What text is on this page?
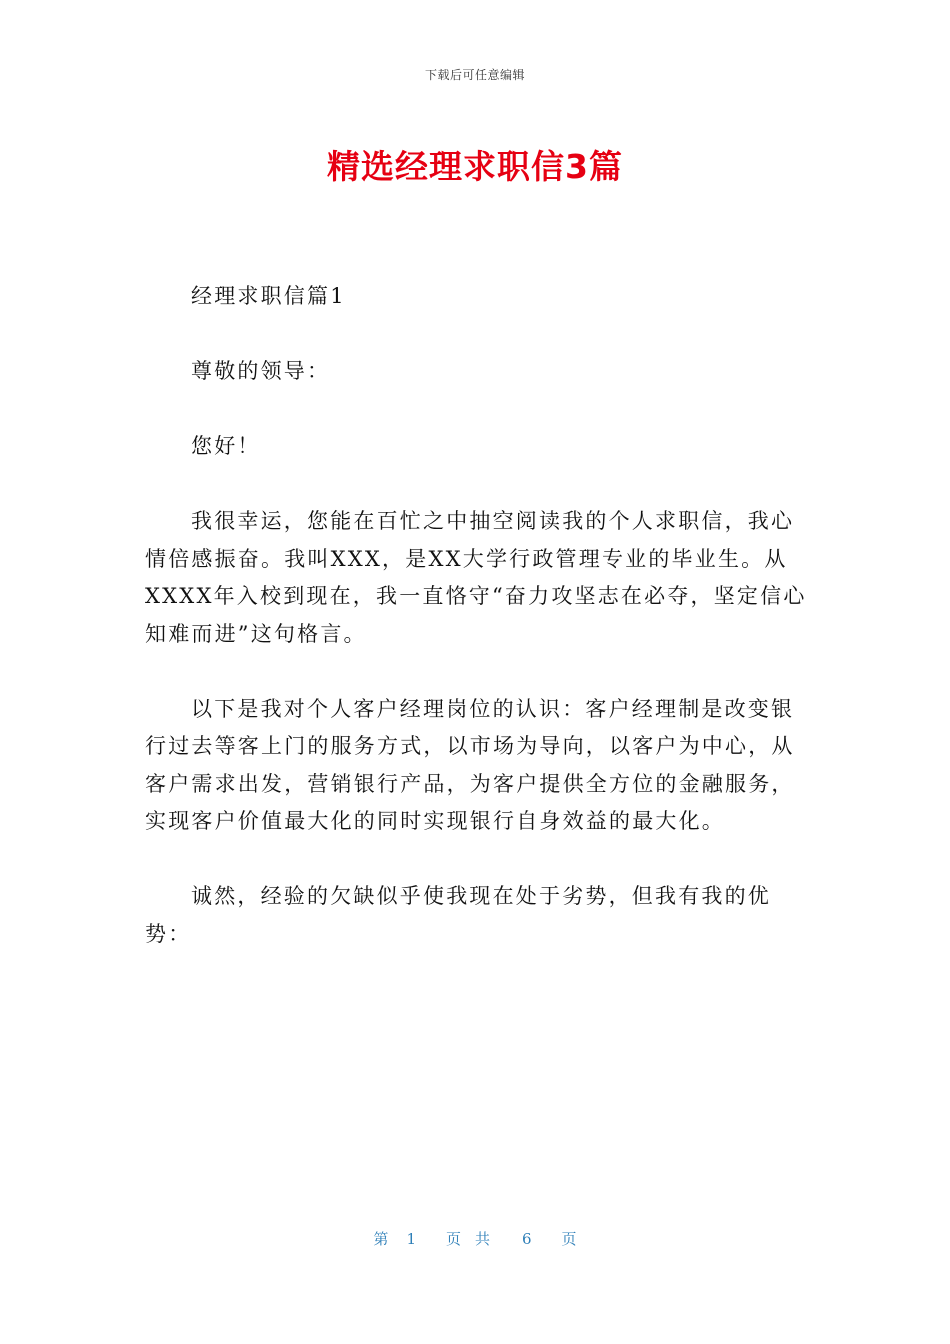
下载后可任意编辑
精选经理求职信3篇

经理求职信篇1

尊敬的领导：

您好！

我很幸运，您能在百忙之中抽空阅读我的个人求职信，我心情倍感振奋。我叫XXX，是XX大学行政管理专业的毕业生。从XXXX年入校到现在，我一直恪守“奋力攻坚志在必夺，坚定信心知难而进”这句格言。

以下是我对个人客户经理岗位的认识：客户经理制是改变银行过去等客上门的服务方式，以市场为导向，以客户为中心，从客户需求出发，营销银行产品，为客户提供全方位的金融服务，实现客户价值最大化的同时实现银行自身效益的最大化。

诚然，经验的欠缺似乎使我现在处于劣势，但我有我的优势：

第 1 页共 6 页
